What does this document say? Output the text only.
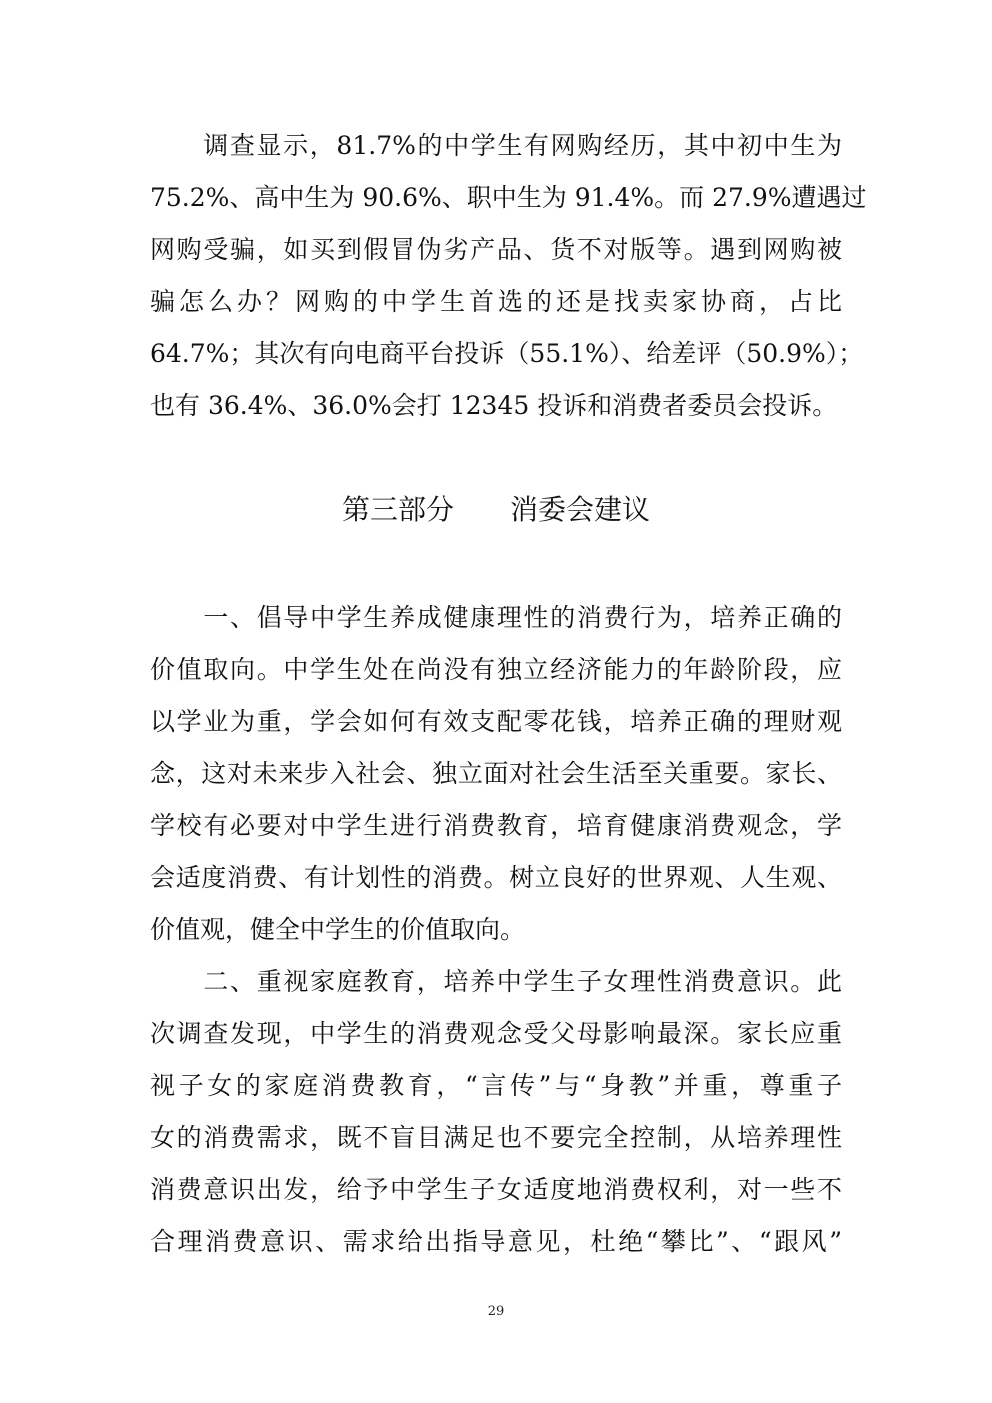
　　调查显示，81.7%的中学生有网购经历，其中初中生为
75.2%、高中生为 90.6%、职中生为 91.4%。而 27.9%遭遇过
网购受骗，如买到假冒伪劣产品、货不对版等。遇到网购被
骗怎么办？网购的中学生首选的还是找卖家协商，占比
64.7%；其次有向电商平台投诉（55.1%）、给差评（50.9%）；
也有 36.4%、36.0%会打 12345 投诉和消费者委员会投诉。
第三部分　　消委会建议
　　一、倡导中学生养成健康理性的消费行为，培养正确的
价值取向。中学生处在尚没有独立经济能力的年龄阶段，应
以学业为重，学会如何有效支配零花钱，培养正确的理财观
念，这对未来步入社会、独立面对社会生活至关重要。家长、
学校有必要对中学生进行消费教育，培育健康消费观念，学
会适度消费、有计划性的消费。树立良好的世界观、人生观、
价值观，健全中学生的价值取向。
　　二、重视家庭教育，培养中学生子女理性消费意识。此
次调查发现，中学生的消费观念受父母影响最深。家长应重
视子女的家庭消费教育，“言传”与“身教”并重，尊重子
女的消费需求，既不盲目满足也不要完全控制，从培养理性
消费意识出发，给予中学生子女适度地消费权利，对一些不
合理消费意识、需求给出指导意见，杜绝“攀比”、“跟风”
29
